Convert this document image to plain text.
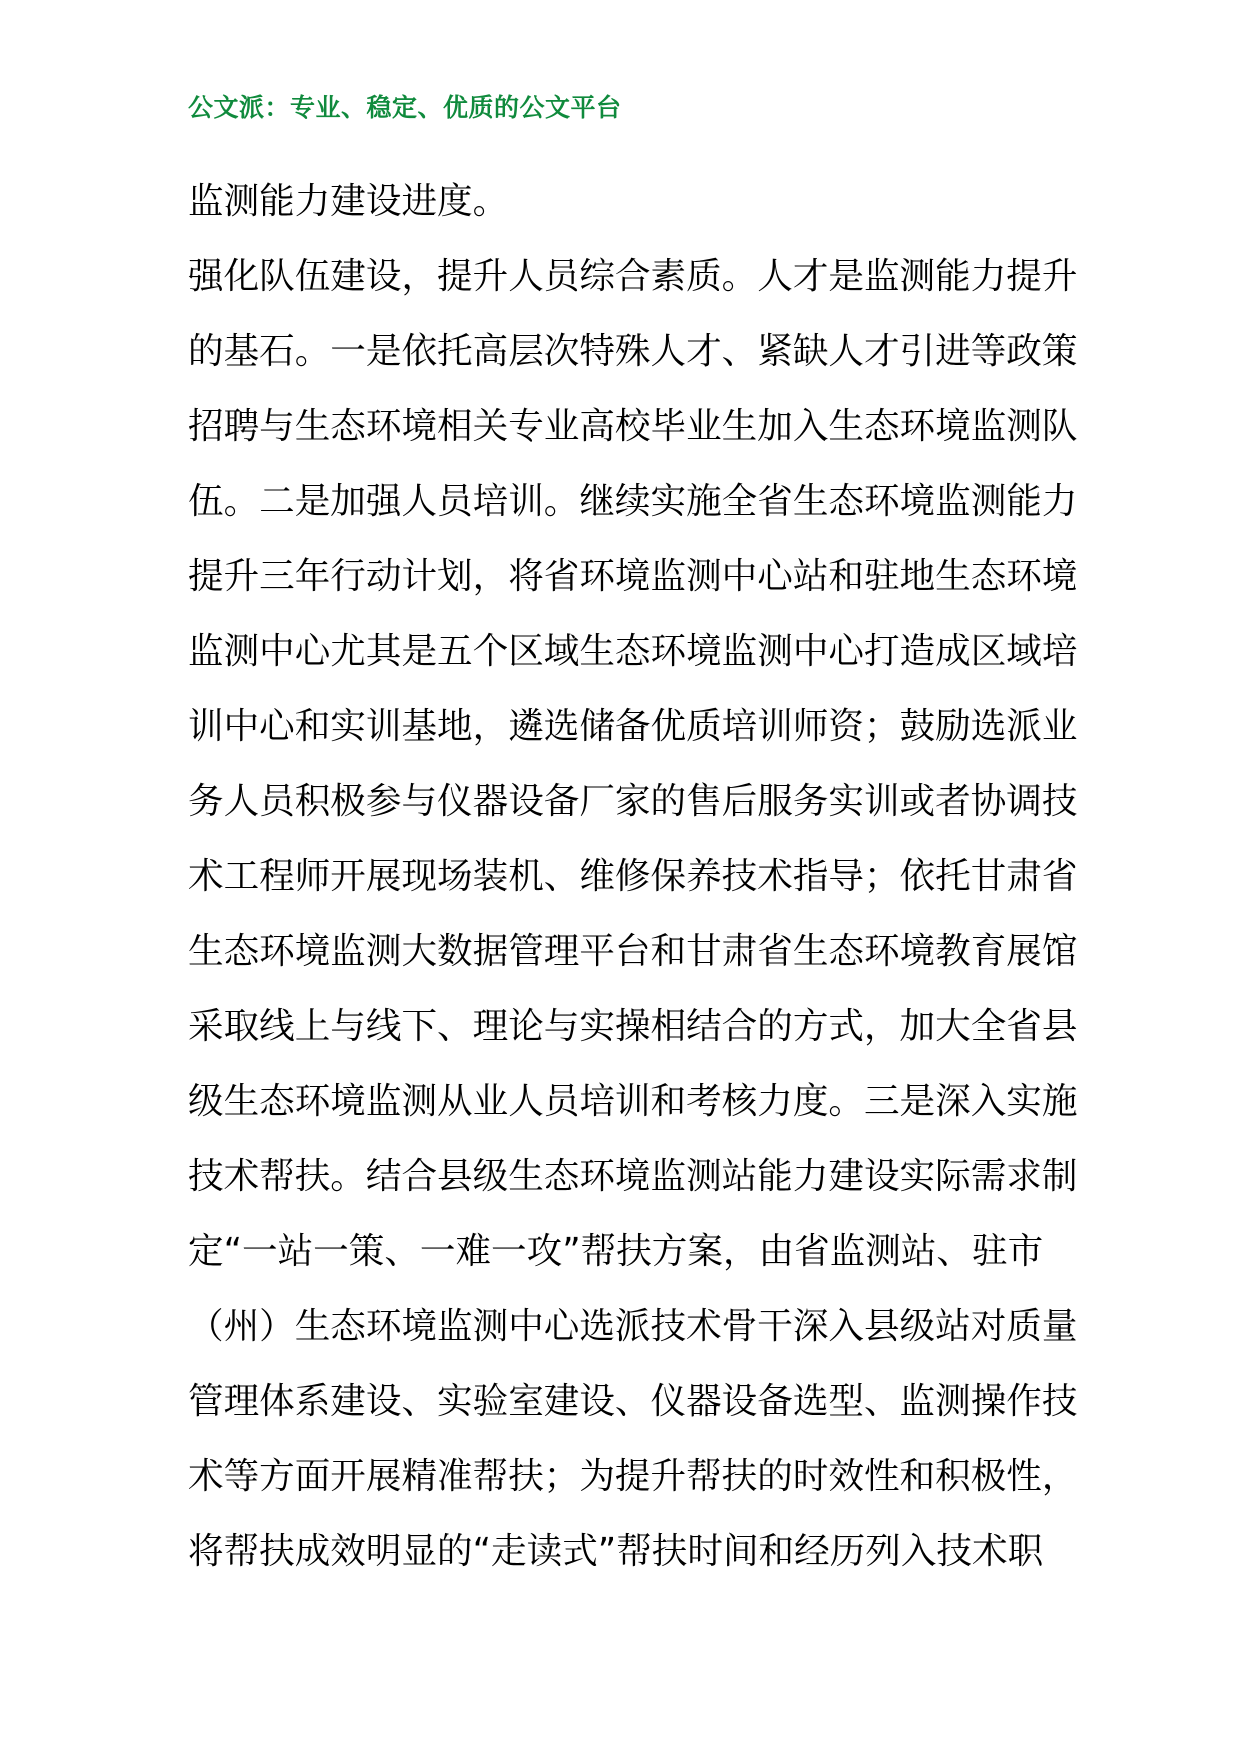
公文派：专业、稳定、优质的公文平台
监测能力建设进度。
强化队伍建设，提升人员综合素质。人才是监测能力提升
的基石。一是依托高层次特殊人才、紧缺人才引进等政策
招聘与生态环境相关专业高校毕业生加入生态环境监测队
伍。二是加强人员培训。继续实施全省生态环境监测能力
提升三年行动计划，将省环境监测中心站和驻地生态环境
监测中心尤其是五个区域生态环境监测中心打造成区域培
训中心和实训基地，遴选储备优质培训师资；鼓励选派业
务人员积极参与仪器设备厂家的售后服务实训或者协调技
术工程师开展现场装机、维修保养技术指导；依托甘肃省
生态环境监测大数据管理平台和甘肃省生态环境教育展馆
采取线上与线下、理论与实操相结合的方式，加大全省县
级生态环境监测从业人员培训和考核力度。三是深入实施
技术帮扶。结合县级生态环境监测站能力建设实际需求制
定“一站一策、一难一攻”帮扶方案，由省监测站、驻市
（州）生态环境监测中心选派技术骨干深入县级站对质量
管理体系建设、实验室建设、仪器设备选型、监测操作技
术等方面开展精准帮扶；为提升帮扶的时效性和积极性，
将帮扶成效明显的“走读式”帮扶时间和经历列入技术职
